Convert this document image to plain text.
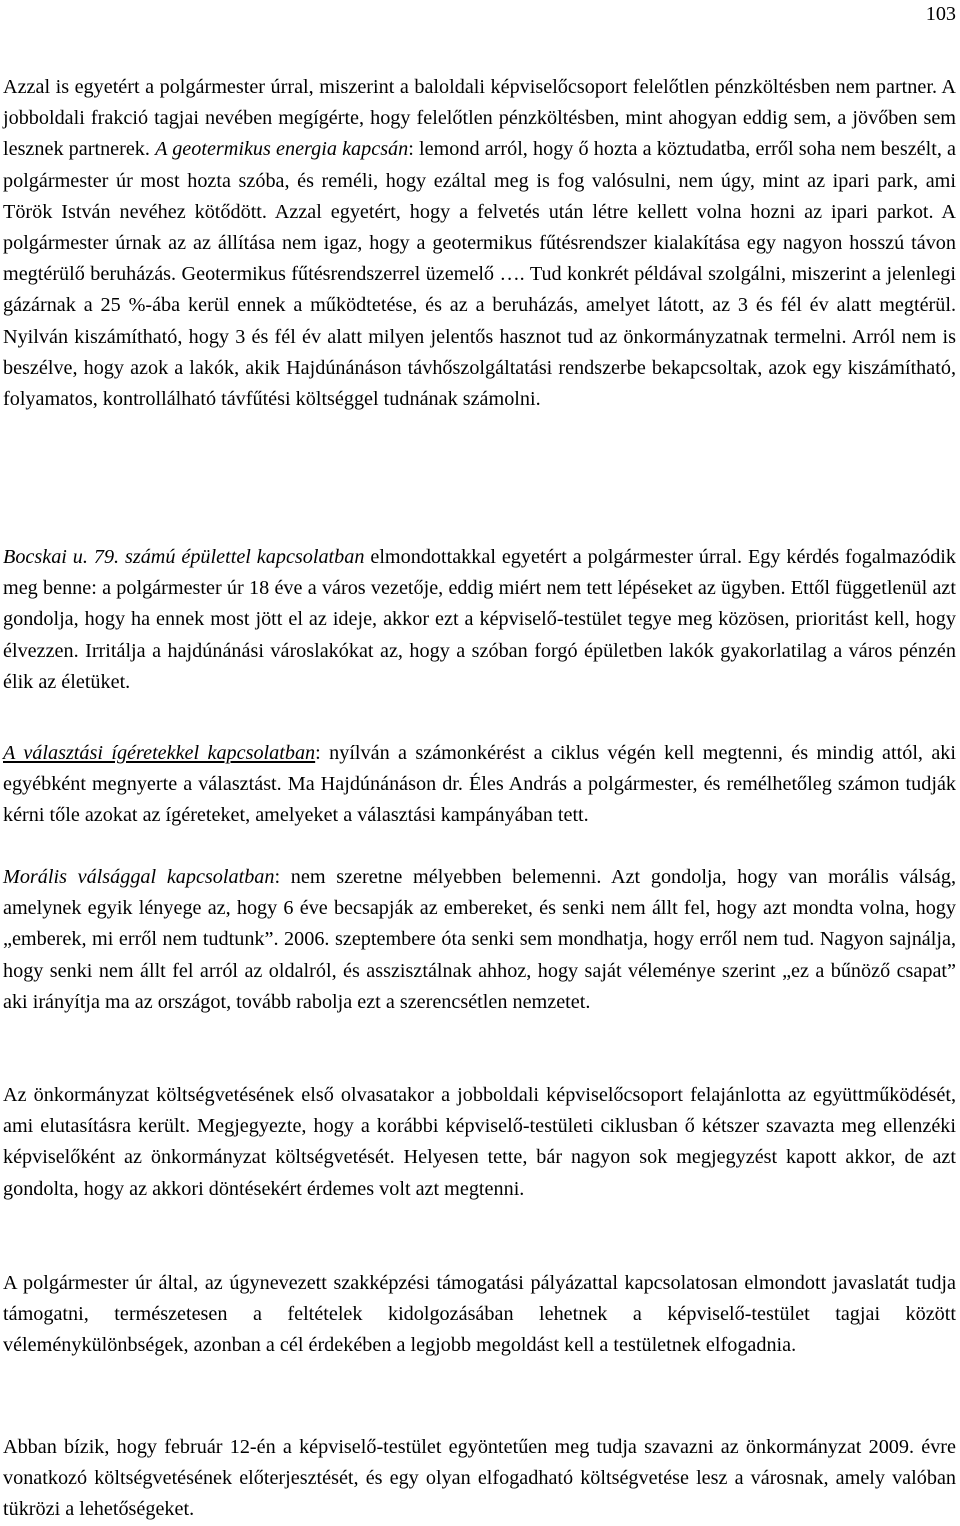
103

Azzal is egyetért a polgármester úrral, miszerint a baloldali képviselőcsoport felelőtlen pénzköltésben nem partner. A jobboldali frakció tagjai nevében megígérte, hogy felelőtlen pénzköltésben, mint ahogyan eddig sem, a jövőben sem lesznek partnerek. A geotermikus energia kapcsán: lemond arról, hogy ő hozta a köztudatba, erről soha nem beszélt, a polgármester úr most hozta szóba, és reméli, hogy ezáltal meg is fog valósulni, nem úgy, mint az ipari park, ami Török István nevéhez kötődött. Azzal egyetért, hogy a felvetés után létre kellett volna hozni az ipari parkot. A polgármester úrnak az az állítása nem igaz, hogy a geotermikus fűtésrendszer kialakítása egy nagyon hosszú távon megtérülő beruházás. Geotermikus fűtésrendszerrel üzemelő …. Tud konkrét példával szolgálni, miszerint a jelenlegi gázárnak a 25 %-ába kerül ennek a működtetése, és az a beruházás, amelyet látott, az 3 és fél év alatt megtérül. Nyilván kiszámítható, hogy 3 és fél év alatt milyen jelentős hasznot tud az önkormányzatnak termelni. Arról nem is beszélve, hogy azok a lakók, akik Hajdúnánáson távhőszolgáltatási rendszerbe bekapcsoltak, azok egy kiszámítható, folyamatos, kontrollálható távfűtési költséggel tudnának számolni.

Bocskai u. 79. számú épülettel kapcsolatban elmondottakkal egyetért a polgármester úrral. Egy kérdés fogalmazódik meg benne: a polgármester úr 18 éve a város vezetője, eddig miért nem tett lépéseket az ügyben. Ettől függetlenül azt gondolja, hogy ha ennek most jött el az ideje, akkor ezt a képviselő-testület tegye meg közösen, prioritást kell, hogy élvezzen. Irritálja a hajdúnánási városlakókat az, hogy a szóban forgó épületben lakók gyakorlatilag a város pénzén élik az életüket.

A választási ígéretekkel kapcsolatban: nyílván a számonkérést a ciklus végén kell megtenni, és mindig attól, aki egyébként megnyerte a választást. Ma Hajdúnánáson dr. Éles András a polgármester, és remélhetőleg számon tudják kérni tőle azokat az ígéreteket, amelyeket a választási kampányában tett.

Morális válsággal kapcsolatban: nem szeretne mélyebben belemenni. Azt gondolja, hogy van morális válság, amelynek egyik lényege az, hogy 6 éve becsapják az embereket, és senki nem állt fel, hogy azt mondta volna, hogy „emberek, mi erről nem tudtunk”. 2006. szeptembere óta senki sem mondhatja, hogy erről nem tud. Nagyon sajnálja, hogy senki nem állt fel arról az oldalról, és asszisztálnak ahhoz, hogy saját véleménye szerint „ez a bűnöző csapat” aki irányítja ma az országot, tovább rabolja ezt a szerencsétlen nemzetet.

Az önkormányzat költségvetésének első olvasatakor a jobboldali képviselőcsoport felajánlotta az együttműködését, ami elutasításra került. Megjegyezte, hogy a korábbi képviselő-testületi ciklusban ő kétszer szavazta meg ellenzéki képviselőként az önkormányzat költségvetését. Helyesen tette, bár nagyon sok megjegyzést kapott akkor, de azt gondolta, hogy az akkori döntésekért érdemes volt azt megtenni.

A polgármester úr által, az úgynevezett szakképzési támogatási pályázattal kapcsolatosan elmondott javaslatát tudja támogatni, természetesen a feltételek kidolgozásában lehetnek a képviselő-testület tagjai között véleménykülönbségek, azonban a cél érdekében a legjobb megoldást kell a testületnek elfogadnia.

Abban bízik, hogy február 12-én a képviselő-testület egyöntetűen meg tudja szavazni az önkormányzat 2009. évre vonatkozó költségvetésének előterjesztését, és egy olyan elfogadható költségvetése lesz a városnak, amely valóban tükrözi a lehetőségeket.
